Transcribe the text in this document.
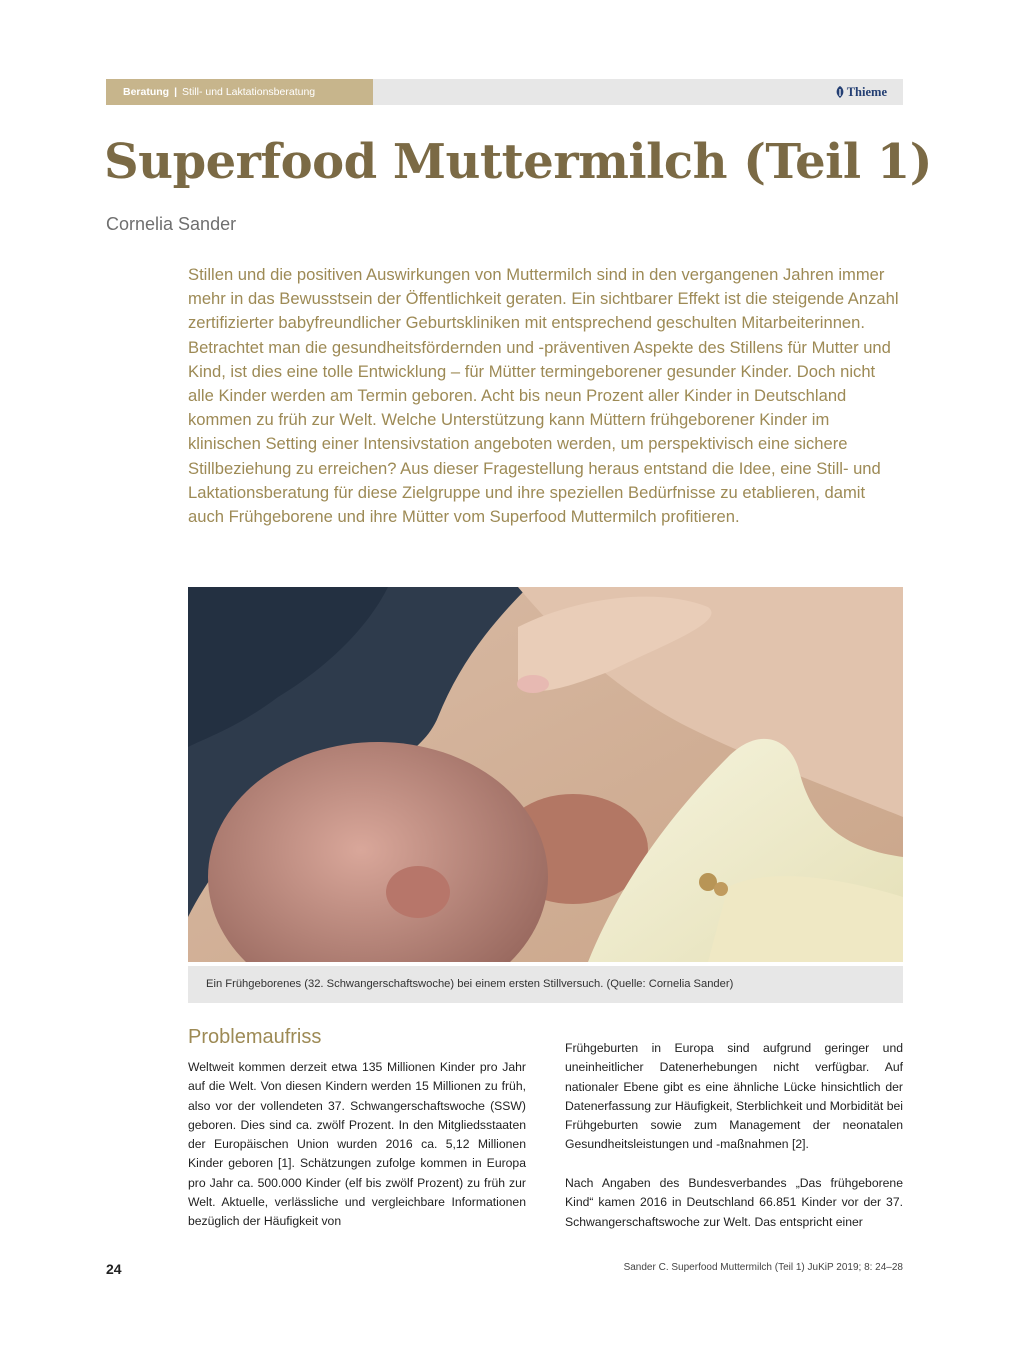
Beratung | Still- und Laktationsberatung	Thieme
Superfood Muttermilch (Teil 1)
Cornelia Sander

Stillen und die positiven Auswirkungen von Muttermilch sind in den vergangenen Jahren immer mehr in das Bewusstsein der Öffentlichkeit geraten. Ein sichtbarer Effekt ist die steigende Anzahl zertifizierter babyfreundlicher Geburtskliniken mit entsprechend geschulten Mitarbeiterinnen. Betrachtet man die gesundheitsfördernden und -präventiven Aspekte des Stillens für Mutter und Kind, ist dies eine tolle Entwicklung – für Mütter termingeborener gesunder Kinder. Doch nicht alle Kinder werden am Termin geboren. Acht bis neun Prozent aller Kinder in Deutschland kommen zu früh zur Welt. Welche Unterstützung kann Müttern frühgeborener Kinder im klinischen Setting einer Intensivstation angeboten werden, um perspektivisch eine sichere Stillbeziehung zu erreichen? Aus dieser Fragestellung heraus entstand die Idee, eine Still- und Laktationsberatung für diese Zielgruppe und ihre speziellen Bedürfnisse zu etablieren, damit auch Frühgeborene und ihre Mütter vom Superfood Muttermilch profitieren.

Ein Frühgeborenes (32. Schwangerschaftswoche) bei einem ersten Stillversuch. (Quelle: Cornelia Sander)
Problemaufriss

Weltweit kommen derzeit etwa 135 Millionen Kinder pro Jahr auf die Welt. Von diesen Kindern werden 15 Millionen zu früh, also vor der vollendeten 37. Schwangerschaftswoche (SSW) geboren. Dies sind ca. zwölf Prozent. In den Mitgliedsstaaten der Europäischen Union wurden 2016 ca. 5,12 Millionen Kinder geboren [1]. Schätzungen zufolge kommen in Europa pro Jahr ca. 500.000 Kinder (elf bis zwölf Prozent) zu früh zur Welt. Aktuelle, verlässliche und vergleichbare Informationen bezüglich der Häufigkeit von

Frühgeburten in Europa sind aufgrund geringer und uneinheitlicher Datenerhebungen nicht verfügbar. Auf nationaler Ebene gibt es eine ähnliche Lücke hinsichtlich der Datenerfassung zur Häufigkeit, Sterblichkeit und Morbidität bei Frühgeburten sowie zum Management der neonatalen Gesundheitsleistungen und -maßnahmen [2].

Nach Angaben des Bundesverbandes „Das frühgeborene Kind“ kamen 2016 in Deutschland 66.851 Kinder vor der 37. Schwangerschaftswoche zur Welt. Das entspricht einer

24	Sander C. Superfood Muttermilch (Teil 1) JuKiP 2019; 8: 24–28
